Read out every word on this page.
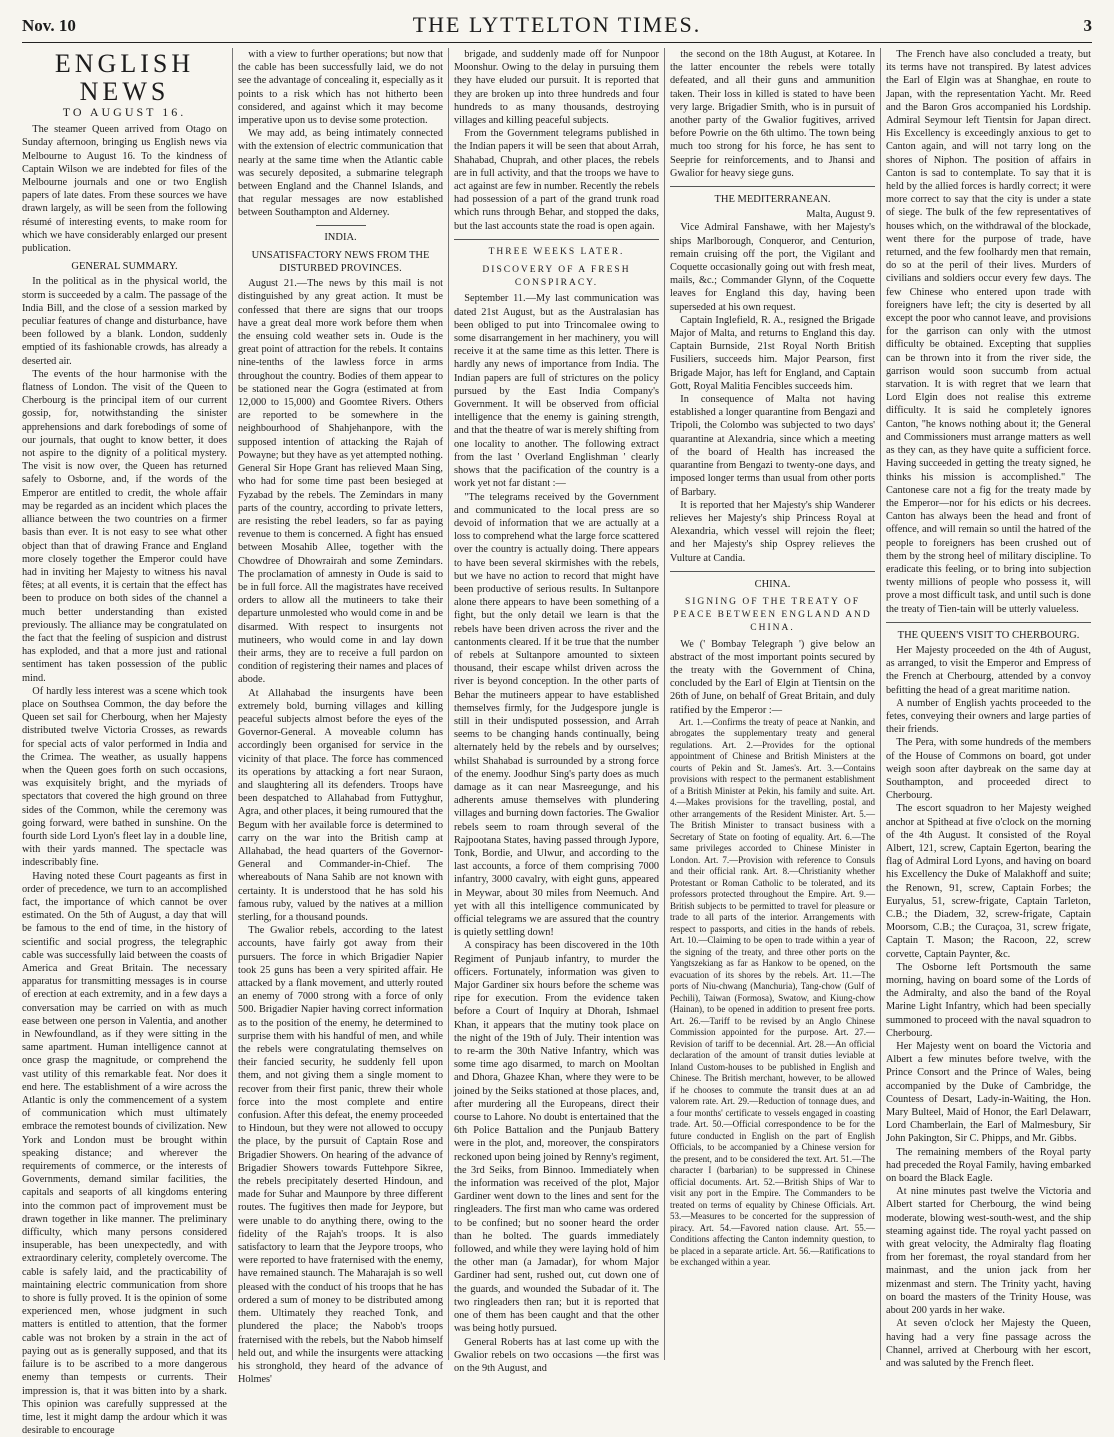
Nov. 10	THE LYTTELTON TIMES.	3
ENGLISH NEWS
TO AUGUST 16.

The steamer Queen arrived from Otago on Sunday afternoon, bringing us English news via Melbourne to August 16. To the kindness of Captain Wilson we are indebted for files of the Melbourne journals and one or two English papers of late dates. From these sources we have drawn largely, as will be seen from the following résumé of interesting events, to make room for which we have considerably enlarged our present publication.

GENERAL SUMMARY.

In the political as in the physical world, the storm is succeeded by a calm. The passage of the India Bill, and the close of a session marked by peculiar features of change and disturbance, have been followed by a blank. London, suddenly emptied of its fashionable crowds, has already a deserted air.

The events of the hour harmonise with the flatness of London. The visit of the Queen to Cherbourg is the principal item of our current gossip, for, notwithstanding the sinister apprehensions and dark forebodings of some of our journals, that ought to know better, it does not aspire to the dignity of a political mystery. The visit is now over, the Queen has returned safely to Osborne, and, if the words of the Emperor are entitled to credit, the whole affair may be regarded as an incident which places the alliance between the two countries on a firmer basis than ever. It is not easy to see what other object than that of drawing France and England more closely together the Emperor could have had in inviting her Majesty to witness his naval fêtes; at all events, it is certain that the effect has been to produce on both sides of the channel a much better understanding than existed previously. The alliance may be congratulated on the fact that the feeling of suspicion and distrust has exploded, and that a more just and rational sentiment has taken possession of the public mind.

Of hardly less interest was a scene which took place on Southsea Common, the day before the Queen set sail for Cherbourg, when her Majesty distributed twelve Victoria Crosses, as rewards for special acts of valor performed in India and the Crimea. The weather, as usually happens when the Queen goes forth on such occasions, was exquisitely bright, and the myriads of spectators that covered the high ground on three sides of the Common, while the ceremony was going forward, were bathed in sunshine. On the fourth side Lord Lyon's fleet lay in a double line, with their yards manned. The spectacle was indescribably fine.

Having noted these Court pageants as first in order of precedence, we turn to an accomplished fact, the importance of which cannot be over estimated. On the 5th of August, a day that will be famous to the end of time, in the history of scientific and social progress, the telegraphic cable was successfully laid between the coasts of America and Great Britain. The necessary apparatus for transmitting messages is in course of erection at each extremity, and in a few days a conversation may be carried on with as much ease between one person in Valentia, and another in Newfoundland, as if they were sitting in the same apartment. Human intelligence cannot at once grasp the magnitude, or comprehend the vast utility of this remarkable feat. Nor does it end here. The establishment of a wire across the Atlantic is only the commencement of a system of communication which must ultimately embrace the remotest bounds of civilization. New York and London must be brought within speaking distance; and wherever the requirements of commerce, or the interests of Governments, demand similar facilities, the capitals and seaports of all kingdoms entering into the common pact of improvement must be drawn together in like manner. The preliminary difficulty, which many persons considered insuperable, has been unexpectedly, and with extraordinary celerity, completely overcome. The cable is safely laid, and the practicability of maintaining electric communication from shore to shore is fully proved. It is the opinion of some experienced men, whose judgment in such matters is entitled to attention, that the former cable was not broken by a strain in the act of paying out as is generally supposed, and that its failure is to be ascribed to a more dangerous enemy than tempests or currents. Their impression is, that it was bitten into by a shark. This opinion was carefully suppressed at the time, lest it might damp the ardour which it was desirable to encourage

with a view to further operations; but now that the cable has been successfully laid, we do not see the advantage of concealing it, especially as it points to a risk which has not hitherto been considered, and against which it may become imperative upon us to devise some protection.

We may add, as being intimately connected with the extension of electric communication that nearly at the same time when the Atlantic cable was securely deposited, a submarine telegraph between England and the Channel Islands, and that regular messages are now established between Southampton and Alderney.

INDIA.
UNSATISFACTORY NEWS FROM THE DISTURBED PROVINCES.

August 21.—The news by this mail is not distinguished by any great action. It must be confessed that there are signs that our troops have a great deal more work before them when the ensuing cold weather sets in. Oude is the great point of attraction for the rebels. It contains nine-tenths of the lawless force in arms throughout the country. Bodies of them appear to be stationed near the Gogra (estimated at from 12,000 to 15,000) and Goomtee Rivers. Others are reported to be somewhere in the neighbourhood of Shahjehanpore, with the supposed intention of attacking the Rajah of Powayne; but they have as yet attempted nothing. General Sir Hope Grant has relieved Maan Sing, who had for some time past been besieged at Fyzabad by the rebels. The Zemindars in many parts of the country, according to private letters, are resisting the rebel leaders, so far as paying revenue to them is concerned. A fight has ensued between Mosahib Allee, together with the Chowdree of Dhowrairah and some Zemindars. The proclamation of amnesty in Oude is said to be in full force. All the magistrates have received orders to allow all the mutineers to take their departure unmolested who would come in and be disarmed. With respect to insurgents not mutineers, who would come in and lay down their arms, they are to receive a full pardon on condition of registering their names and places of abode.

At Allahabad the insurgents have been extremely bold, burning villages and killing peaceful subjects almost before the eyes of the Governor-General. A moveable column has accordingly been organised for service in the vicinity of that place. The force has commenced its operations by attacking a fort near Suraon, and slaughtering all its defenders. Troops have been despatched to Allahabad from Futtyghur, Agra, and other places, it being rumoured that the Begum with her available force is determined to carry on the war into the British camp at Allahabad, the head quarters of the Governor-General and Commander-in-Chief. The whereabouts of Nana Sahib are not known with certainty. It is understood that he has sold his famous ruby, valued by the natives at a million sterling, for a thousand pounds.

The Gwalior rebels, according to the latest accounts, have fairly got away from their pursuers. The force in which Brigadier Napier took 25 guns has been a very spirited affair. He attacked by a flank movement, and utterly routed an enemy of 7000 strong with a force of only 500. Brigadier Napier having correct information as to the position of the enemy, he determined to surprise them with his handful of men, and while the rebels were congratulating themselves on their fancied security, he suddenly fell upon them, and not giving them a single moment to recover from their first panic, threw their whole force into the most complete and entire confusion. After this defeat, the enemy proceeded to Hindoun, but they were not allowed to occupy the place, by the pursuit of Captain Rose and Brigadier Showers. On hearing of the advance of Brigadier Showers towards Futtehpore Sikree, the rebels precipitately deserted Hindoun, and made for Suhar and Maunpore by three different routes. The fugitives then made for Jeypore, but were unable to do anything there, owing to the fidelity of the Rajah's troops. It is also satisfactory to learn that the Jeypore troops, who were reported to have fraternised with the enemy, have remained staunch. The Maharajah is so well pleased with the conduct of his troops that he has ordered a sum of money to be distributed among them. Ultimately they reached Tonk, and plundered the place; the Nabob's troops fraternised with the rebels, but the Nabob himself held out, and while the insurgents were attacking his stronghold, they heard of the advance of Holmes'

brigade, and suddenly made off for Nunpoor Moonshur. Owing to the delay in pursuing them they have eluded our pursuit. It is reported that they are broken up into three hundreds and four hundreds to as many thousands, destroying villages and killing peaceful subjects.

From the Government telegrams published in the Indian papers it will be seen that about Arrah, Shahabad, Chuprah, and other places, the rebels are in full activity, and that the troops we have to act against are few in number. Recently the rebels had possession of a part of the grand trunk road which runs through Behar, and stopped the daks, but the last accounts state the road is open again.

THREE WEEKS LATER.
DISCOVERY OF A FRESH CONSPIRACY.

September 11.—My last communication was dated 21st August, but as the Australasian has been obliged to put into Trincomalee owing to some disarrangement in her machinery, you will receive it at the same time as this letter. There is hardly any news of importance from India. The Indian papers are full of strictures on the policy pursued by the East India Company's Government. It will be observed from official intelligence that the enemy is gaining strength, and that the theatre of war is merely shifting from one locality to another. The following extract from the last ' Overland Englishman ' clearly shows that the pacification of the country is a work yet not far distant :—

"The telegrams received by the Government and communicated to the local press are so devoid of information that we are actually at a loss to comprehend what the large force scattered over the country is actually doing. There appears to have been several skirmishes with the rebels, but we have no action to record that might have been productive of serious results. In Sultanpore alone there appears to have been something of a fight, but the only detail we learn is that the rebels have been driven across the river and the cantonments cleared. If it be true that the number of rebels at Sultanpore amounted to sixteen thousand, their escape whilst driven across the river is beyond conception. In the other parts of Behar the mutineers appear to have established themselves firmly, for the Judgespore jungle is still in their undisputed possession, and Arrah seems to be changing hands continually, being alternately held by the rebels and by ourselves; whilst Shahabad is surrounded by a strong force of the enemy. Joodhur Sing's party does as much damage as it can near Masreegunge, and his adherents amuse themselves with plundering villages and burning down factories. The Gwalior rebels seem to roam through several of the Rajpootana States, having passed through Jypore, Tonk, Bordie, and Ulwur, and according to the last accounts, a force of them comprising 7000 infantry, 3000 cavalry, with eight guns, appeared in Meywar, about 30 miles from Neemuch. And yet with all this intelligence communicated by official telegrams we are assured that the country is quietly settling down!

A conspiracy has been discovered in the 10th Regiment of Punjaub infantry, to murder the officers. Fortunately, information was given to Major Gardiner six hours before the scheme was ripe for execution. From the evidence taken before a Court of Inquiry at Dhorah, Ishmael Khan, it appears that the mutiny took place on the night of the 19th of July. Their intention was to re-arm the 30th Native Infantry, which was some time ago disarmed, to march on Mooltan and Dhora, Ghazee Khan, where they were to be joined by the Seiks stationed at those places, and, after murdering all the Europeans, direct their course to Lahore. No doubt is entertained that the 6th Police Battalion and the Punjaub Battery were in the plot, and, moreover, the conspirators reckoned upon being joined by Renny's regiment, the 3rd Seiks, from Binnoo. Immediately when the information was received of the plot, Major Gardiner went down to the lines and sent for the ringleaders. The first man who came was ordered to be confined; but no sooner heard the order than he bolted. The guards immediately followed, and while they were laying hold of him the other man (a Jamadar), for whom Major Gardiner had sent, rushed out, cut down one of the guards, and wounded the Subadar of it. The two ringleaders then ran; but it is reported that one of them has been caught and that the other was being hotly pursued.

General Roberts has at last come up with the Gwalior rebels on two occasions —the first was on the 9th August, and

the second on the 18th August, at Kotaree. In the latter encounter the rebels were totally defeated, and all their guns and ammunition taken. Their loss in killed is stated to have been very large. Brigadier Smith, who is in pursuit of another party of the Gwalior fugitives, arrived before Powrie on the 6th ultimo. The town being much too strong for his force, he has sent to Seeprie for reinforcements, and to Jhansi and Gwalior for heavy siege guns.

THE MEDITERRANEAN.

Malta, August 9.

Vice Admiral Fanshawe, with her Majesty's ships Marlborough, Conqueror, and Centurion, remain cruising off the port, the Vigilant and Coquette occasionally going out with fresh meat, mails, &c.; Commander Glynn, of the Coquette leaves for England this day, having been superseded at his own request.

Captain Inglefield, R. A., resigned the Brigade Major of Malta, and returns to England this day. Captain Burnside, 21st Royal North British Fusiliers, succeeds him. Major Pearson, first Brigade Major, has left for England, and Captain Gott, Royal Malitia Fencibles succeeds him.

In consequence of Malta not having established a longer quarantine from Bengazi and Tripoli, the Colombo was subjected to two days' quarantine at Alexandria, since which a meeting of the board of Health has increased the quarantine from Bengazi to twenty-one days, and imposed longer terms than usual from other ports of Barbary.

It is reported that her Majesty's ship Wanderer relieves her Majesty's ship Princess Royal at Alexandria, which vessel will rejoin the fleet; and her Majesty's ship Osprey relieves the Vulture at Candia.

CHINA.
SIGNING OF THE TREATY OF PEACE BETWEEN ENGLAND AND CHINA.

We (' Bombay Telegraph ') give below an abstract of the most important points secured by the treaty with the Government of China, concluded by the Earl of Elgin at Tientsin on the 26th of June, on behalf of Great Britain, and duly ratified by the Emperor :—

Art. 1.—Confirms the treaty of peace at Nankin, and abrogates the supplementary treaty and general regulations. Art. 2.—Provides for the optional appointment of Chinese and British Ministers at the courts of Pekin and St. James's. Art. 3.—Contains provisions with respect to the permanent establishment of a British Minister at Pekin, his family and suite. Art. 4.—Makes provisions for the travelling, postal, and other arrangements of the Resident Minister. Art. 5.—The British Minister to transact business with a Secretary of State on footing of equality. Art. 6.—The same privileges accorded to Chinese Minister in London. Art. 7.—Provision with reference to Consuls and their official rank. Art. 8.—Christianity whether Protestant or Roman Catholic to be tolerated, and its professors protected throughout the Empire. Art. 9.—British subjects to be permitted to travel for pleasure or trade to all parts of the interior. Arrangements with respect to passports, and cities in the hands of rebels. Art. 10.—Claiming to be open to trade within a year of the signing of the treaty, and three other ports on the Yangtszekiang as far as Hankow to be opened, on the evacuation of its shores by the rebels. Art. 11.—The ports of Niu-chwang (Manchuria), Tang-chow (Gulf of Pechili), Taiwan (Formosa), Swatow, and Kiung-chow (Hainan), to be opened in addition to present free ports. Art. 26.—Tariff to be revised by an Anglo Chinese Commission appointed for the purpose. Art. 27.—Revision of tariff to be decennial. Art. 28.—An official declaration of the amount of transit duties leviable at Inland Custom-houses to be published in English and Chinese. The British merchant, however, to be allowed if he chooses to commute the transit dues at an ad valorem rate. Art. 29.—Reduction of tonnage dues, and a four months' certificate to vessels engaged in coasting trade. Art. 50.—Official correspondence to be for the future conducted in English on the part of English Officials, to be accompanied by a Chinese version for the present, and to be considered the text. Art. 51.—The character I (barbarian) to be suppressed in Chinese official documents. Art. 52.—British Ships of War to visit any port in the Empire. The Commanders to be treated on terms of equality by Chinese Officials. Art. 53.—Measures to be concerted for the suppression of piracy. Art. 54.—Favored nation clause. Art. 55.—Conditions affecting the Canton indemnity question, to be placed in a separate article. Art. 56.—Ratifications to be exchanged within a year.

The French have also concluded a treaty, but its terms have not transpired. By latest advices the Earl of Elgin was at Shanghae, en route to Japan, with the representation Yacht. Mr. Reed and the Baron Gros accompanied his Lordship. Admiral Seymour left Tientsin for Japan direct. His Excellency is exceedingly anxious to get to Canton again, and will not tarry long on the shores of Niphon. The position of affairs in Canton is sad to contemplate. To say that it is held by the allied forces is hardly correct; it were more correct to say that the city is under a state of siege. The bulk of the few representatives of houses which, on the withdrawal of the blockade, went there for the purpose of trade, have returned, and the few foolhardy men that remain, do so at the peril of their lives. Murders of civilians and soldiers occur every few days. The few Chinese who entered upon trade with foreigners have left; the city is deserted by all except the poor who cannot leave, and provisions for the garrison can only with the utmost difficulty be obtained. Excepting that supplies can be thrown into it from the river side, the garrison would soon succumb from actual starvation. It is with regret that we learn that Lord Elgin does not realise this extreme difficulty. It is said he completely ignores Canton, "he knows nothing about it; the General and Commissioners must arrange matters as well as they can, as they have quite a sufficient force. Having succeeded in getting the treaty signed, he thinks his mission is accomplished." The Cantonese care not a fig for the treaty made by the Emperor—nor for his edicts or his decrees. Canton has always been the head and front of offence, and will remain so until the hatred of the people to foreigners has been crushed out of them by the strong heel of military discipline. To eradicate this feeling, or to bring into subjection twenty millions of people who possess it, will prove a most difficult task, and until such is done the treaty of Tien-tain will be utterly valueless.

THE QUEEN'S VISIT TO CHERBOURG.

Her Majesty proceeded on the 4th of August, as arranged, to visit the Emperor and Empress of the French at Cherbourg, attended by a convoy befitting the head of a great maritime nation.

A number of English yachts proceeded to the fetes, conveying their owners and large parties of their friends.

The Pera, with some hundreds of the members of the House of Commons on board, got under weigh soon after daybreak on the same day at Southampton, and proceeded direct to Cherbourg.

The escort squadron to her Majesty weighed anchor at Spithead at five o'clock on the morning of the 4th August. It consisted of the Royal Albert, 121, screw, Captain Egerton, bearing the flag of Admiral Lord Lyons, and having on board his Excellency the Duke of Malakhoff and suite; the Renown, 91, screw, Captain Forbes; the Euryalus, 51, screw-frigate, Captain Tarleton, C.B.; the Diadem, 32, screw-frigate, Captain Moorsom, C.B.; the Curaçoa, 31, screw frigate, Captain T. Mason; the Racoon, 22, screw corvette, Captain Paynter, &c.

The Osborne left Portsmouth the same morning, having on board some of the Lords of the Admiralty, and also the band of the Royal Marine Light Infantry, which had been specially summoned to proceed with the naval squadron to Cherbourg.

Her Majesty went on board the Victoria and Albert a few minutes before twelve, with the Prince Consort and the Prince of Wales, being accompanied by the Duke of Cambridge, the Countess of Desart, Lady-in-Waiting, the Hon. Mary Bulteel, Maid of Honor, the Earl Delawarr, Lord Chamberlain, the Earl of Malmesbury, Sir John Pakington, Sir C. Phipps, and Mr. Gibbs.

The remaining members of the Royal party had preceded the Royal Family, having embarked on board the Black Eagle.

At nine minutes past twelve the Victoria and Albert started for Cherbourg, the wind being moderate, blowing west-south-west, and the ship steaming against tide. The royal yacht passed on with great velocity, the Admiralty flag floating from her foremast, the royal standard from her mainmast, and the union jack from her mizenmast and stern. The Trinity yacht, having on board the masters of the Trinity House, was about 200 yards in her wake.

At seven o'clock her Majesty the Queen, having had a very fine passage across the Channel, arrived at Cherbourg with her escort, and was saluted by the French fleet.
